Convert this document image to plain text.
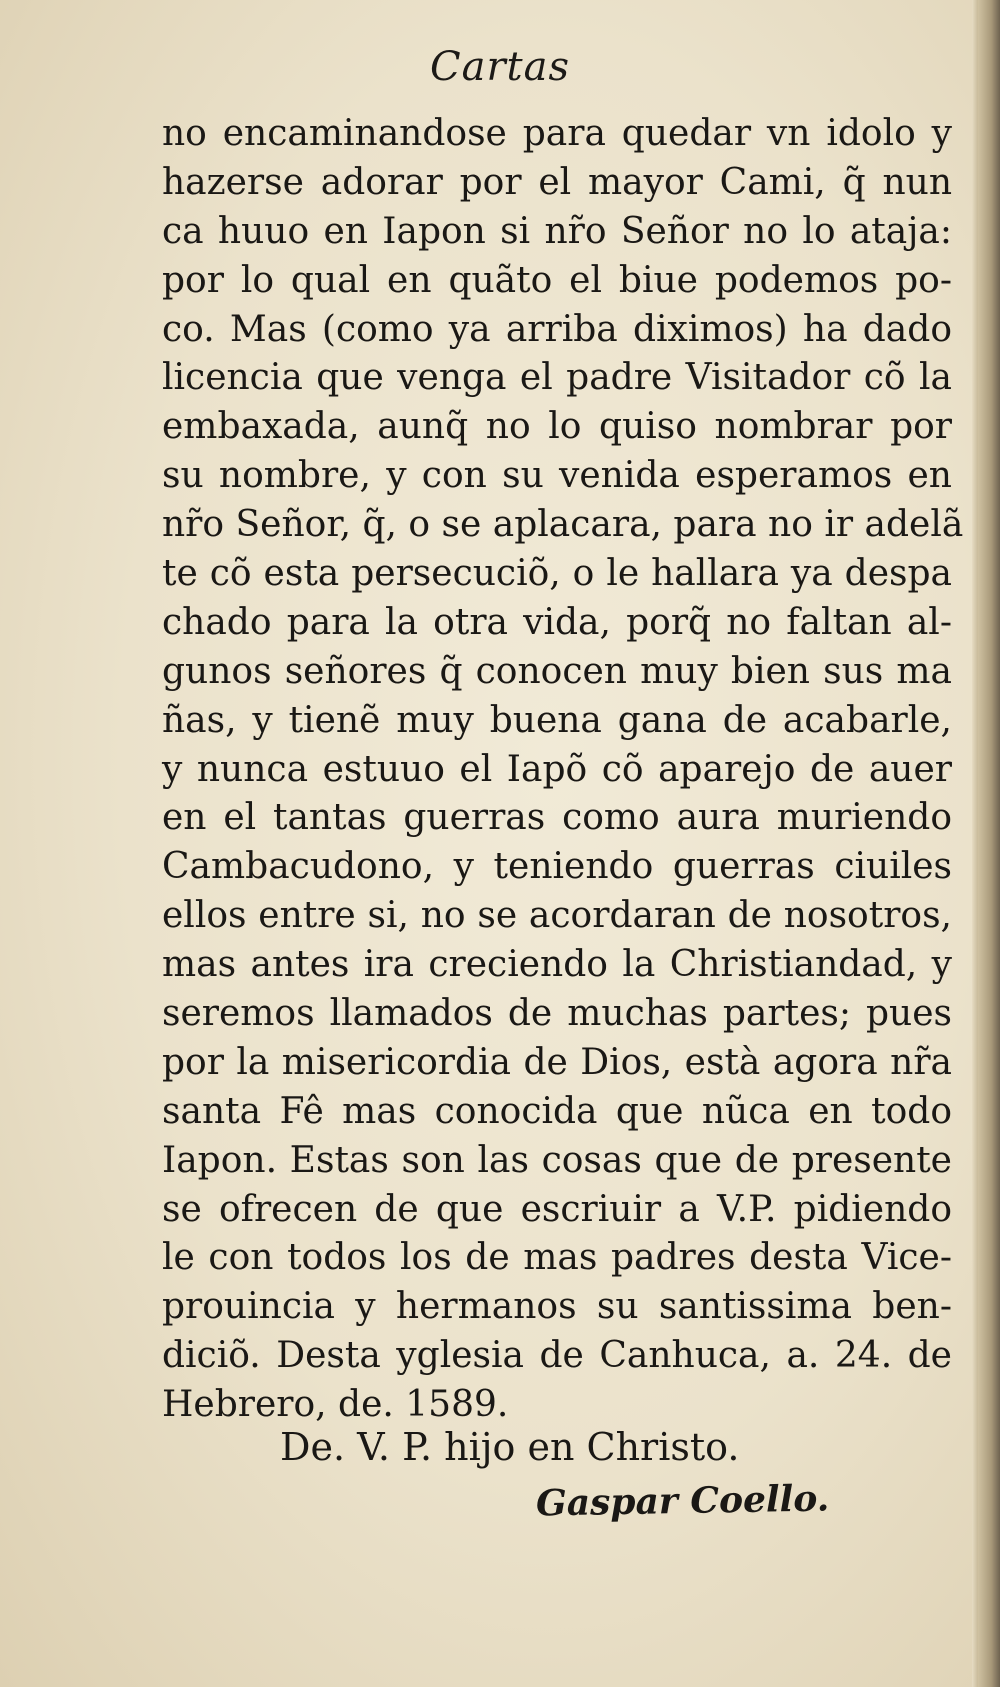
Cartas
no encaminandose para quedar vn idolo y
hazerse adorar por el mayor Cami, q̃ nun
ca huuo en Iapon si nr̃o Señor no lo ataja:
por lo qual en quãto el biue podemos po-
co. Mas (como ya arriba diximos) ha dado
licencia que venga el padre Visitador cõ la
embaxada, aunq̃ no lo quiso nombrar por
su nombre, y con su venida esperamos en
nr̃o Señor, q̃, o se aplacara, para no ir adelã
te cõ esta persecuciõ, o le hallara ya despa
chado para la otra vida, porq̃ no faltan al-
gunos señores q̃ conocen muy bien sus ma
ñas, y tienẽ muy buena gana de acabarle,
y nunca estuuo el Iapõ cõ aparejo de auer
en el tantas guerras como aura muriendo
Cambacudono, y teniendo guerras ciuiles
ellos entre si, no se acordaran de nosotros,
mas antes ira creciendo la Christiandad, y
seremos llamados de muchas partes; pues
por la misericordia de Dios, està agora nr̃a
santa Fê mas conocida que nũca en todo
Iapon. Estas son las cosas que de presente
se ofrecen de que escriuir a V.P. pidiendo
le con todos los de mas padres desta Vice-
prouincia y hermanos su santissima ben-
diciõ. Desta yglesia de Canhuca, a. 24. de
Hebrero, de. 1589.
De. V. P. hijo en Christo.
Gaspar Coello.
